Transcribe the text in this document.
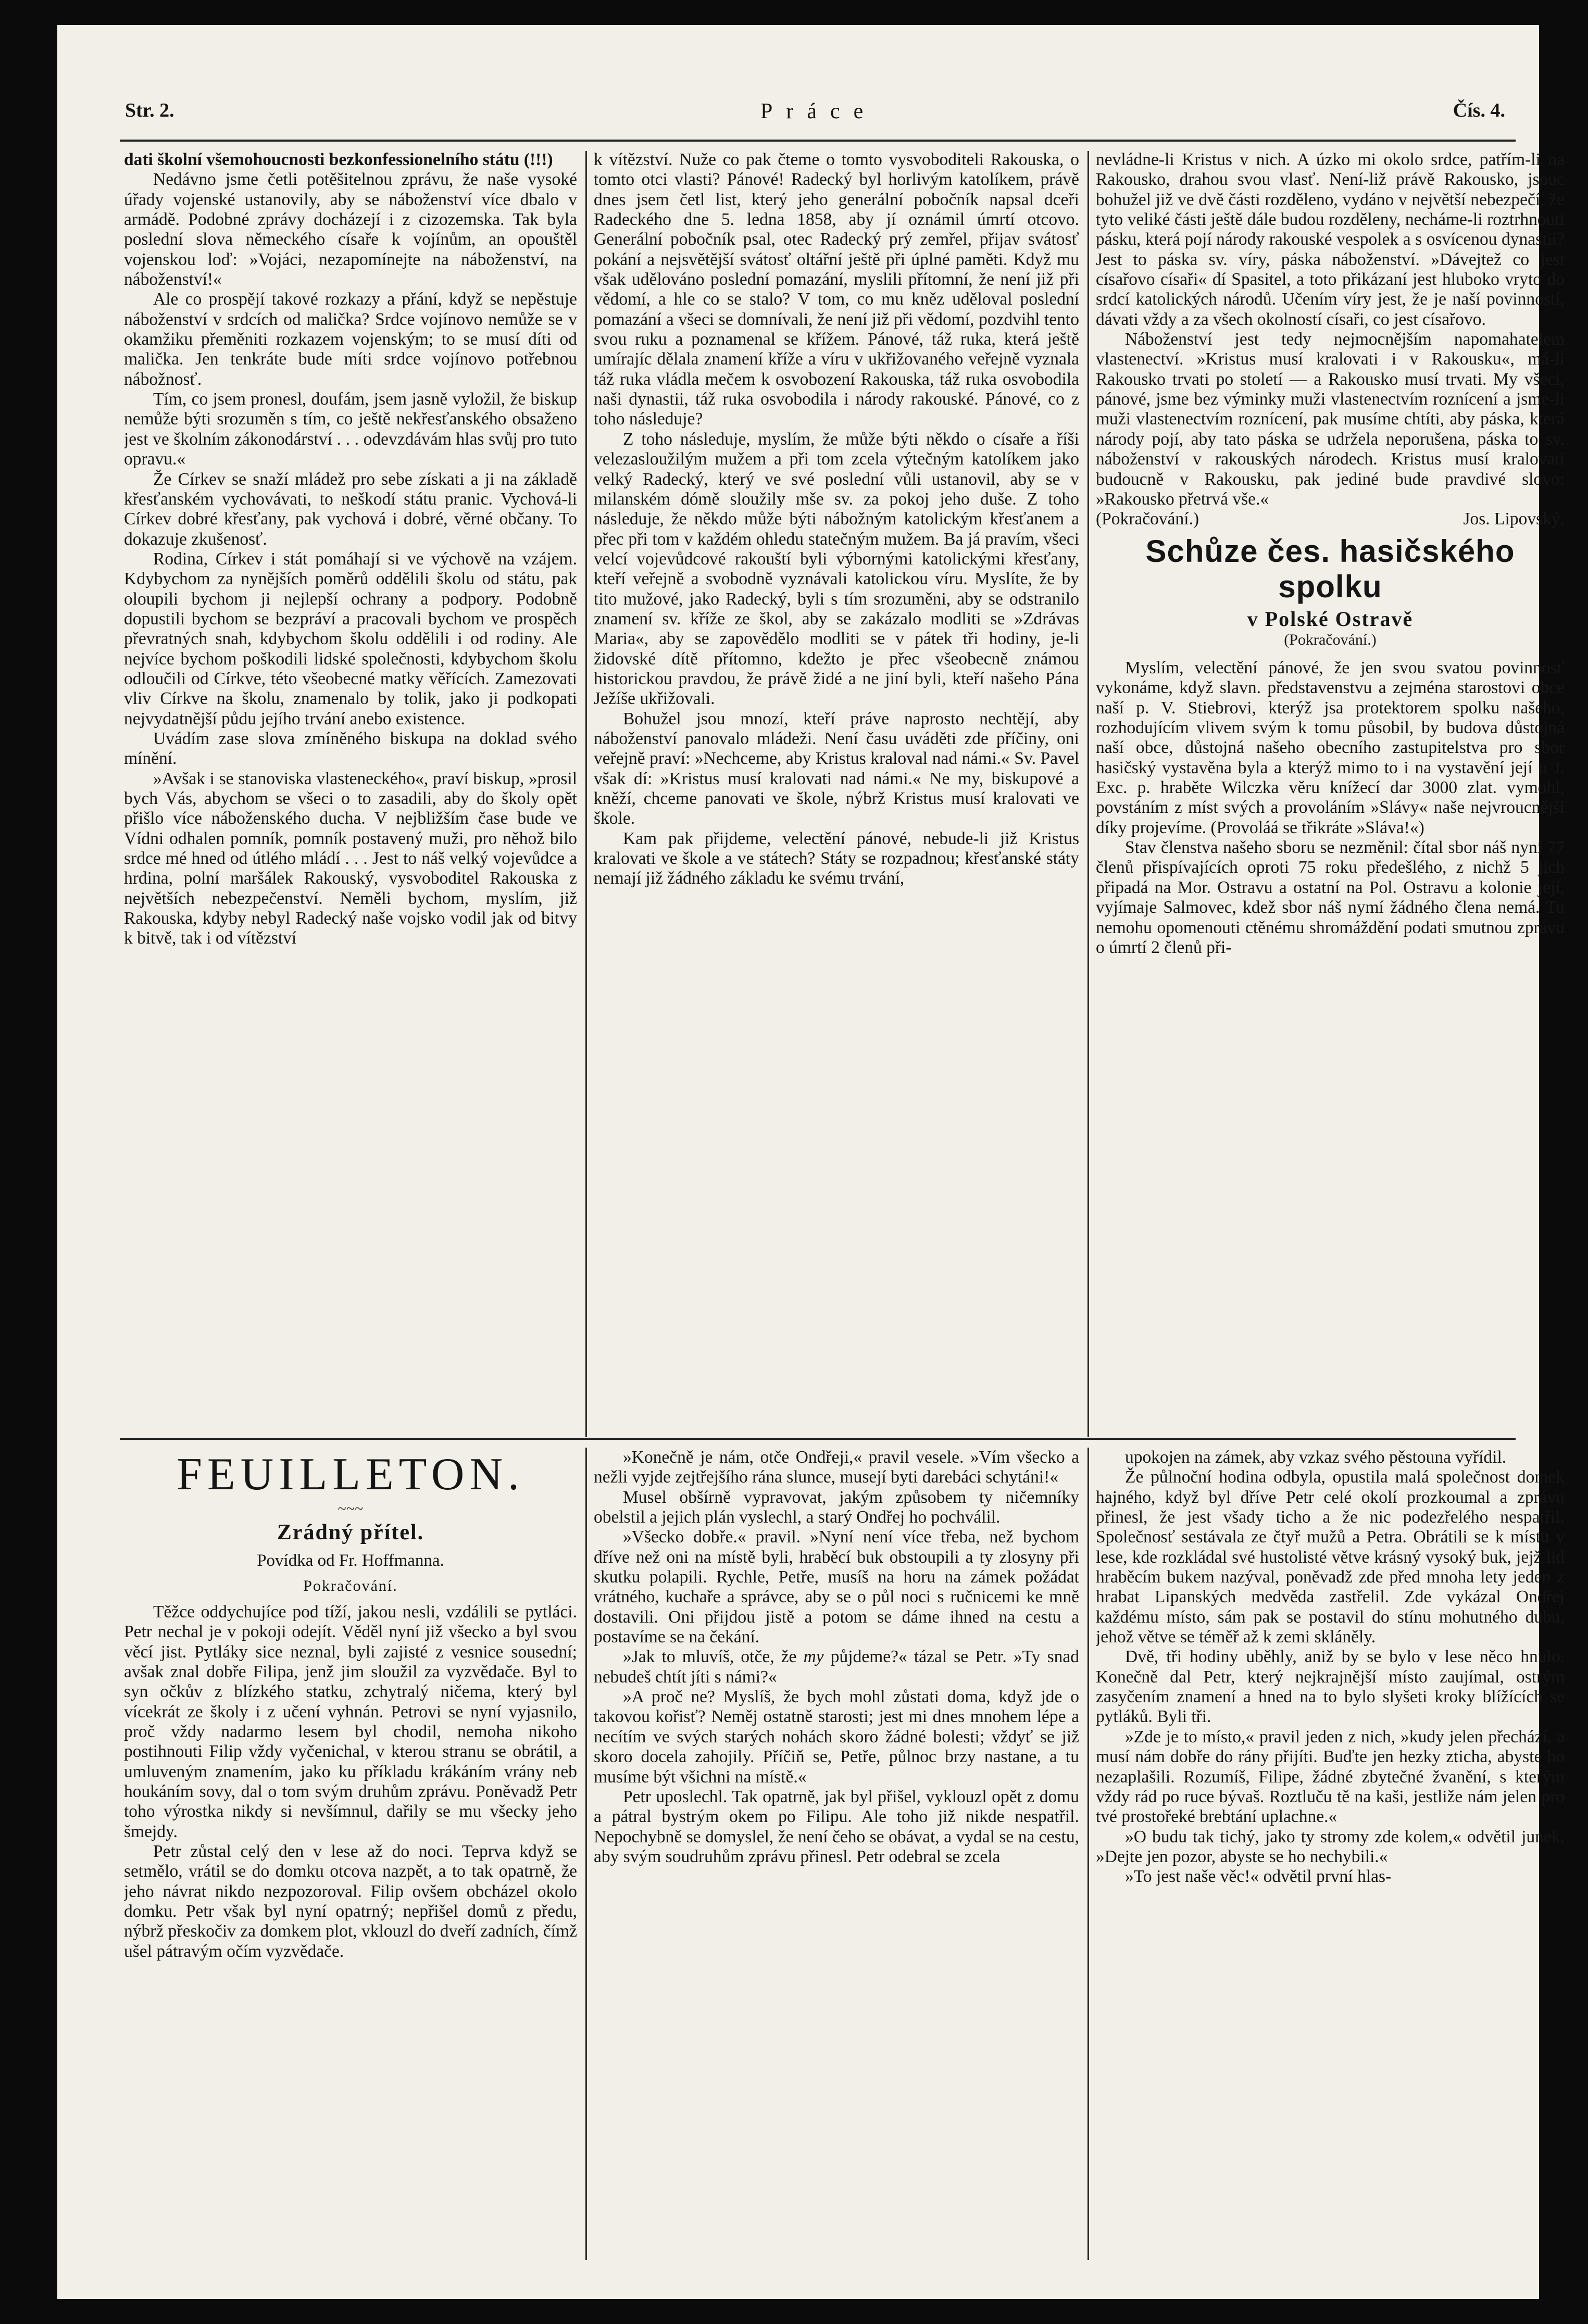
Str. 2.	Práce	Čís. 4.

dati školní všemohoucnosti bezkonfessionelního státu (!!!)

Nedávno jsme četli potěšitelnou zprávu, že naše vysoké úřady vojenské ustanovily, aby se náboženství více dbalo v armádě. Podobné zprávy docházejí i z cizozemska. Tak byla poslední slova německého císaře k vojínům, an opouštěl vojenskou loď: »Vojáci, nezapomínejte na náboženství, na náboženství!«

Ale co prospějí takové rozkazy a přání, když se nepěstuje náboženství v srdcích od malička? Srdce vojínovo nemůže se v okamžiku přeměniti rozkazem vojenským; to se musí díti od malička. Jen tenkráte bude míti srdce vojínovo potřebnou nábožnosť.

Tím, co jsem pronesl, doufám, jsem jasně vyložil, že biskup nemůže býti srozuměn s tím, co ještě nekřesťanského obsaženo jest ve školním zákonodárství . . . odevzdávám hlas svůj pro tuto opravu.«

Že Církev se snaží mládež pro sebe získati a ji na základě křesťanském vychovávati, to neškodí státu pranic. Vychová-li Církev dobré křesťany, pak vychová i dobré, věrné občany. To dokazuje zkušenosť.

Rodina, Církev i stát pomáhají si ve výchově na vzájem. Kdybychom za nynějších poměrů oddělili školu od státu, pak oloupili bychom ji nejlepší ochrany a podpory. Podobně dopustili bychom se bezpráví a pracovali bychom ve prospěch převratných snah, kdybychom školu oddělili i od rodiny. Ale nejvíce bychom poškodili lidské společnosti, kdybychom školu odloučili od Církve, této všeobecné matky věřících. Zamezovati vliv Církve na školu, znamenalo by tolik, jako ji podkopati nejvydatnější půdu jejího trvání anebo existence.

Uvádím zase slova zmíněného biskupa na doklad svého mínění.

»Avšak i se stanoviska vlasteneckého«, praví biskup, »prosil bych Vás, abychom se všeci o to zasadili, aby do školy opět přišlo více náboženského ducha. V nejbližším čase bude ve Vídni odhalen pomník, pomník postavený muži, pro něhož bilo srdce mé hned od útlého mládí . . . Jest to náš velký vojevůdce a hrdina, polní maršálek Rakouský, vysvoboditel Rakouska z největších nebezpečenství. Neměli bychom, myslím, již Rakouska, kdyby nebyl Radecký naše vojsko vodil jak od bitvy k bitvě, tak i od vítězství

k vítězství. Nuže co pak čteme o tomto vysvoboditeli Rakouska, o tomto otci vlasti? Pánové! Radecký byl horlivým katolíkem, právě dnes jsem četl list, který jeho generální pobočník napsal dceři Radeckého dne 5. ledna 1858, aby jí oznámil úmrtí otcovo. Generální pobočník psal, otec Radecký prý zemřel, přijav svátosť pokání a nejsvětější svátosť oltářní ještě při úplné paměti. Když mu však udělováno poslední pomazání, myslili přítomní, že není již při vědomí, a hle co se stalo? V tom, co mu kněz uděloval poslední pomazání a všeci se domnívali, že není již při vědomí, pozdvihl tento svou ruku a poznamenal se křížem. Pánové, táž ruka, která ještě umírajíc dělala znamení kříže a víru v ukřižovaného veřejně vyznala táž ruka vládla mečem k osvobození Rakouska, táž ruka osvobodila naši dynastii, táž ruka osvobodila i národy rakouské. Pánové, co z toho následuje?

Z toho následuje, myslím, že může býti někdo o císaře a říši velezasloužilým mužem a při tom zcela výtečným katolíkem jako velký Radecký, který ve své poslední vůli ustanovil, aby se v milanském dómě sloužily mše sv. za pokoj jeho duše. Z toho následuje, že někdo může býti nábožným katolickým křesťanem a přec při tom v každém ohledu statečným mužem. Ba já pravím, všeci velcí vojevůdcové rakouští byli výbornými katolickými křesťany, kteří veřejně a svobodně vyznávali katolickou víru. Myslíte, že by tito mužové, jako Radecký, byli s tím srozuměni, aby se odstranilo znamení sv. kříže ze škol, aby se zakázalo modliti se »Zdrávas Maria«, aby se zapovědělo modliti se v pátek tři hodiny, je-li židovské dítě přítomno, kdežto je přec všeobecně známou historickou pravdou, že právě židé a ne jiní byli, kteří našeho Pána Ježíše ukřižovali.

Bohužel jsou mnozí, kteří práve naprosto nechtějí, aby náboženství panovalo mládeži. Není času uváděti zde příčiny, oni veřejně praví: »Nechceme, aby Kristus kraloval nad námi.« Sv. Pavel však dí: »Kristus musí kralovati nad námi.« Ne my, biskupové a kněží, chceme panovati ve škole, nýbrž Kristus musí kralovati ve škole.

Kam pak přijdeme, velectění pánové, nebude-li již Kristus kralovati ve škole a ve státech? Státy se rozpadnou; křesťanské státy nemají již žádného základu ke svému trvání,

nevládne-li Kristus v nich. A úzko mi okolo srdce, patřím-li na Rakousko, drahou svou vlasť. Není-liž právě Rakousko, jsouc bohužel již ve dvě části rozděleno, vydáno v největší nebezpečí, že tyto veliké části ještě dále budou rozděleny, necháme-li roztrhnouti pásku, která pojí národy rakouské vespolek a s osvícenou dynastií? Jest to páska sv. víry, páska náboženství. »Dávejtež co jest císařovo císaři« dí Spasitel, a toto přikázaní jest hluboko vryto do srdcí katolických národů. Učením víry jest, že je naší povinností, dávati vždy a za všech okolností císaři, co jest císařovo.

Náboženství jest tedy nejmocnějším napomahatelem vlastenectví. »Kristus musí kralovati i v Rakousku«, má-li Rakousko trvati po století — a Rakousko musí trvati. My všeci, pánové, jsme bez výminky muži vlastenectvím roznícení a jsme-li muži vlastenectvím roznícení, pak musíme chtíti, aby páska, která národy pojí, aby tato páska se udržela neporušena, páska to sv. náboženství v rakouských národech. Kristus musí kralovati budoucně v Rakousku, pak jediné bude pravdivé slovo: »Rakousko přetrvá vše.«

(Pokračování.)	Jos. Lipovský.
Schůze čes. hasičského spolku
v Polské Ostravě
(Pokračování.)

Myslím, velectění pánové, že jen svou svatou povinnosť vykonáme, když slavn. představenstvu a zejména starostovi obce naší p. V. Stiebrovi, kterýž jsa protektorem spolku našeho, rozhodujícím vlivem svým k tomu působil, by budova důstojná naší obce, důstojná našeho obecního zastupitelstva pro sbor hasičský vystavěna byla a kterýž mimo to i na vystavění její u J. Exc. p. hraběte Wilczka věru knížecí dar 3000 zlat. vymohl, povstáním z míst svých a provoláním »Slávy« naše nejvroucnější díky projevíme. (Provoláá se třikráte »Sláva!«)

Stav členstva našeho sboru se nezměnil: čítal sbor náš nyní 77 členů přispívajících oproti 75 roku předešlého, z nichž 5 jich připadá na Mor. Ostravu a ostatní na Pol. Ostravu a kolonie její, vyjímaje Salmovec, kdež sbor náš nymí žádného člena nemá. Tu nemohu opomenouti ctěnému shromáždění podati smutnou zprávu o úmrtí 2 členů při-

FEUILLETON.
~~~
Zrádný přítel.
Povídka od Fr. Hoffmanna.
Pokračování.

Těžce oddychujíce pod tíží, jakou nesli, vzdálili se pytláci. Petr nechal je v pokoji odejít. Věděl nyní již všecko a byl svou věcí jist. Pytláky sice neznal, byli zajisté z vesnice sousední; avšak znal dobře Filipa, jenž jim sloužil za vyzvědače. Byl to syn očkův z blízkého statku, zchytralý ničema, který byl vícekrát ze školy i z učení vyhnán. Petrovi se nyní vyjasnilo, proč vždy nadarmo lesem byl chodil, nemoha nikoho postihnouti Filip vždy vyčenichal, v kterou stranu se obrátil, a umluveným znamením, jako ku příkladu krákáním vrány neb houkáním sovy, dal o tom svým druhům zprávu. Poněvadž Petr toho výrostka nikdy si nevšímnul, dařily se mu všecky jeho šmejdy.

Petr zůstal celý den v lese až do noci. Teprva když se setmělo, vrátil se do domku otcova nazpět, a to tak opatrně, že jeho návrat nikdo nezpozoroval. Filip ovšem obcházel okolo domku. Petr však byl nyní opatrný; nepřišel domů z předu, nýbrž přeskočiv za domkem plot, vklouzl do dveří zadních, čímž ušel pátravým očím vyzvědače.

»Konečně je nám, otče Ondřeji,« pravil vesele. »Vím všecko a nežli vyjde zejtřejšího rána slunce, musejí byti darebáci schytáni!«

Musel obšírně vypravovat, jakým způsobem ty ničemníky obelstil a jejich plán vyslechl, a starý Ondřej ho pochválil.

»Všecko dobře.« pravil. »Nyní není více třeba, než bychom dříve než oni na místě byli, hraběcí buk obstoupili a ty zlosyny při skutku polapili. Rychle, Petře, musíš na horu na zámek požádat vrátného, kuchaře a správce, aby se o půl noci s ručnicemi ke mně dostavili. Oni přijdou jistě a potom se dáme ihned na cestu a postavíme se na čekání.

»Jak to mluvíš, otče, že my půjdeme?« tázal se Petr. »Ty snad nebudeš chtít jíti s námi?«

»A proč ne? Myslíš, že bych mohl zůstati doma, když jde o takovou kořisť? Neměj ostatně starosti; jest mi dnes mnohem lépe a necítím ve svých starých nohách skoro žádné bolesti; vždyť se již skoro docela zahojily. Příčiň se, Petře, půlnoc brzy nastane, a tu musíme být všichni na místě.«

Petr uposlechl. Tak opatrně, jak byl přišel, vyklouzl opět z domu a pátral bystrým okem po Filipu. Ale toho již nikde nespatřil. Nepochybně se domyslel, že není čeho se obávat, a vydal se na cestu, aby svým soudruhům zprávu přinesl. Petr odebral se zcela

upokojen na zámek, aby vzkaz svého pěstouna vyřídil.

Že půlnoční hodina odbyla, opustila malá společnost domek hajného, když byl dříve Petr celé okolí prozkoumal a zprávu přinesl, že jest všady ticho a že nic podezřelého nespatřil. Společnosť sestávala ze čtyř mužů a Petra. Obrátili se k místu v lese, kde rozkládal své hustolisté větve krásný vysoký buk, jejž lid hraběcím bukem nazýval, poněvadž zde před mnoha lety jeden z hrabat Lipanských medvěda zastřelil. Zde vykázal Ondřej každému místo, sám pak se postavil do stínu mohutného dubu, jehož větve se téměř až k zemi skláněly.

Dvě, tři hodiny uběhly, aniž by se bylo v lese něco hnulo. Konečně dal Petr, který nejkrajnější místo zaujímal, ostrým zasyčením znamení a hned na to bylo slyšeti kroky blížících se pytláků. Byli tři.

»Zde je to místo,« pravil jeden z nich, »kudy jelen přechází, a musí nám dobře do rány přijíti. Buďte jen hezky zticha, abyste ho nezaplašili. Rozumíš, Filipe, žádné zbytečné žvanění, s kterým vždy rád po ruce bývaš. Roztluču tě na kaši, jestliže nám jelen pro tvé prostořeké brebtání uplachne.«

»O budu tak tichý, jako ty stromy zde kolem,« odvětil junek. »Dejte jen pozor, abyste se ho nechybili.«

»To jest naše věc!« odvětil první hlas-
